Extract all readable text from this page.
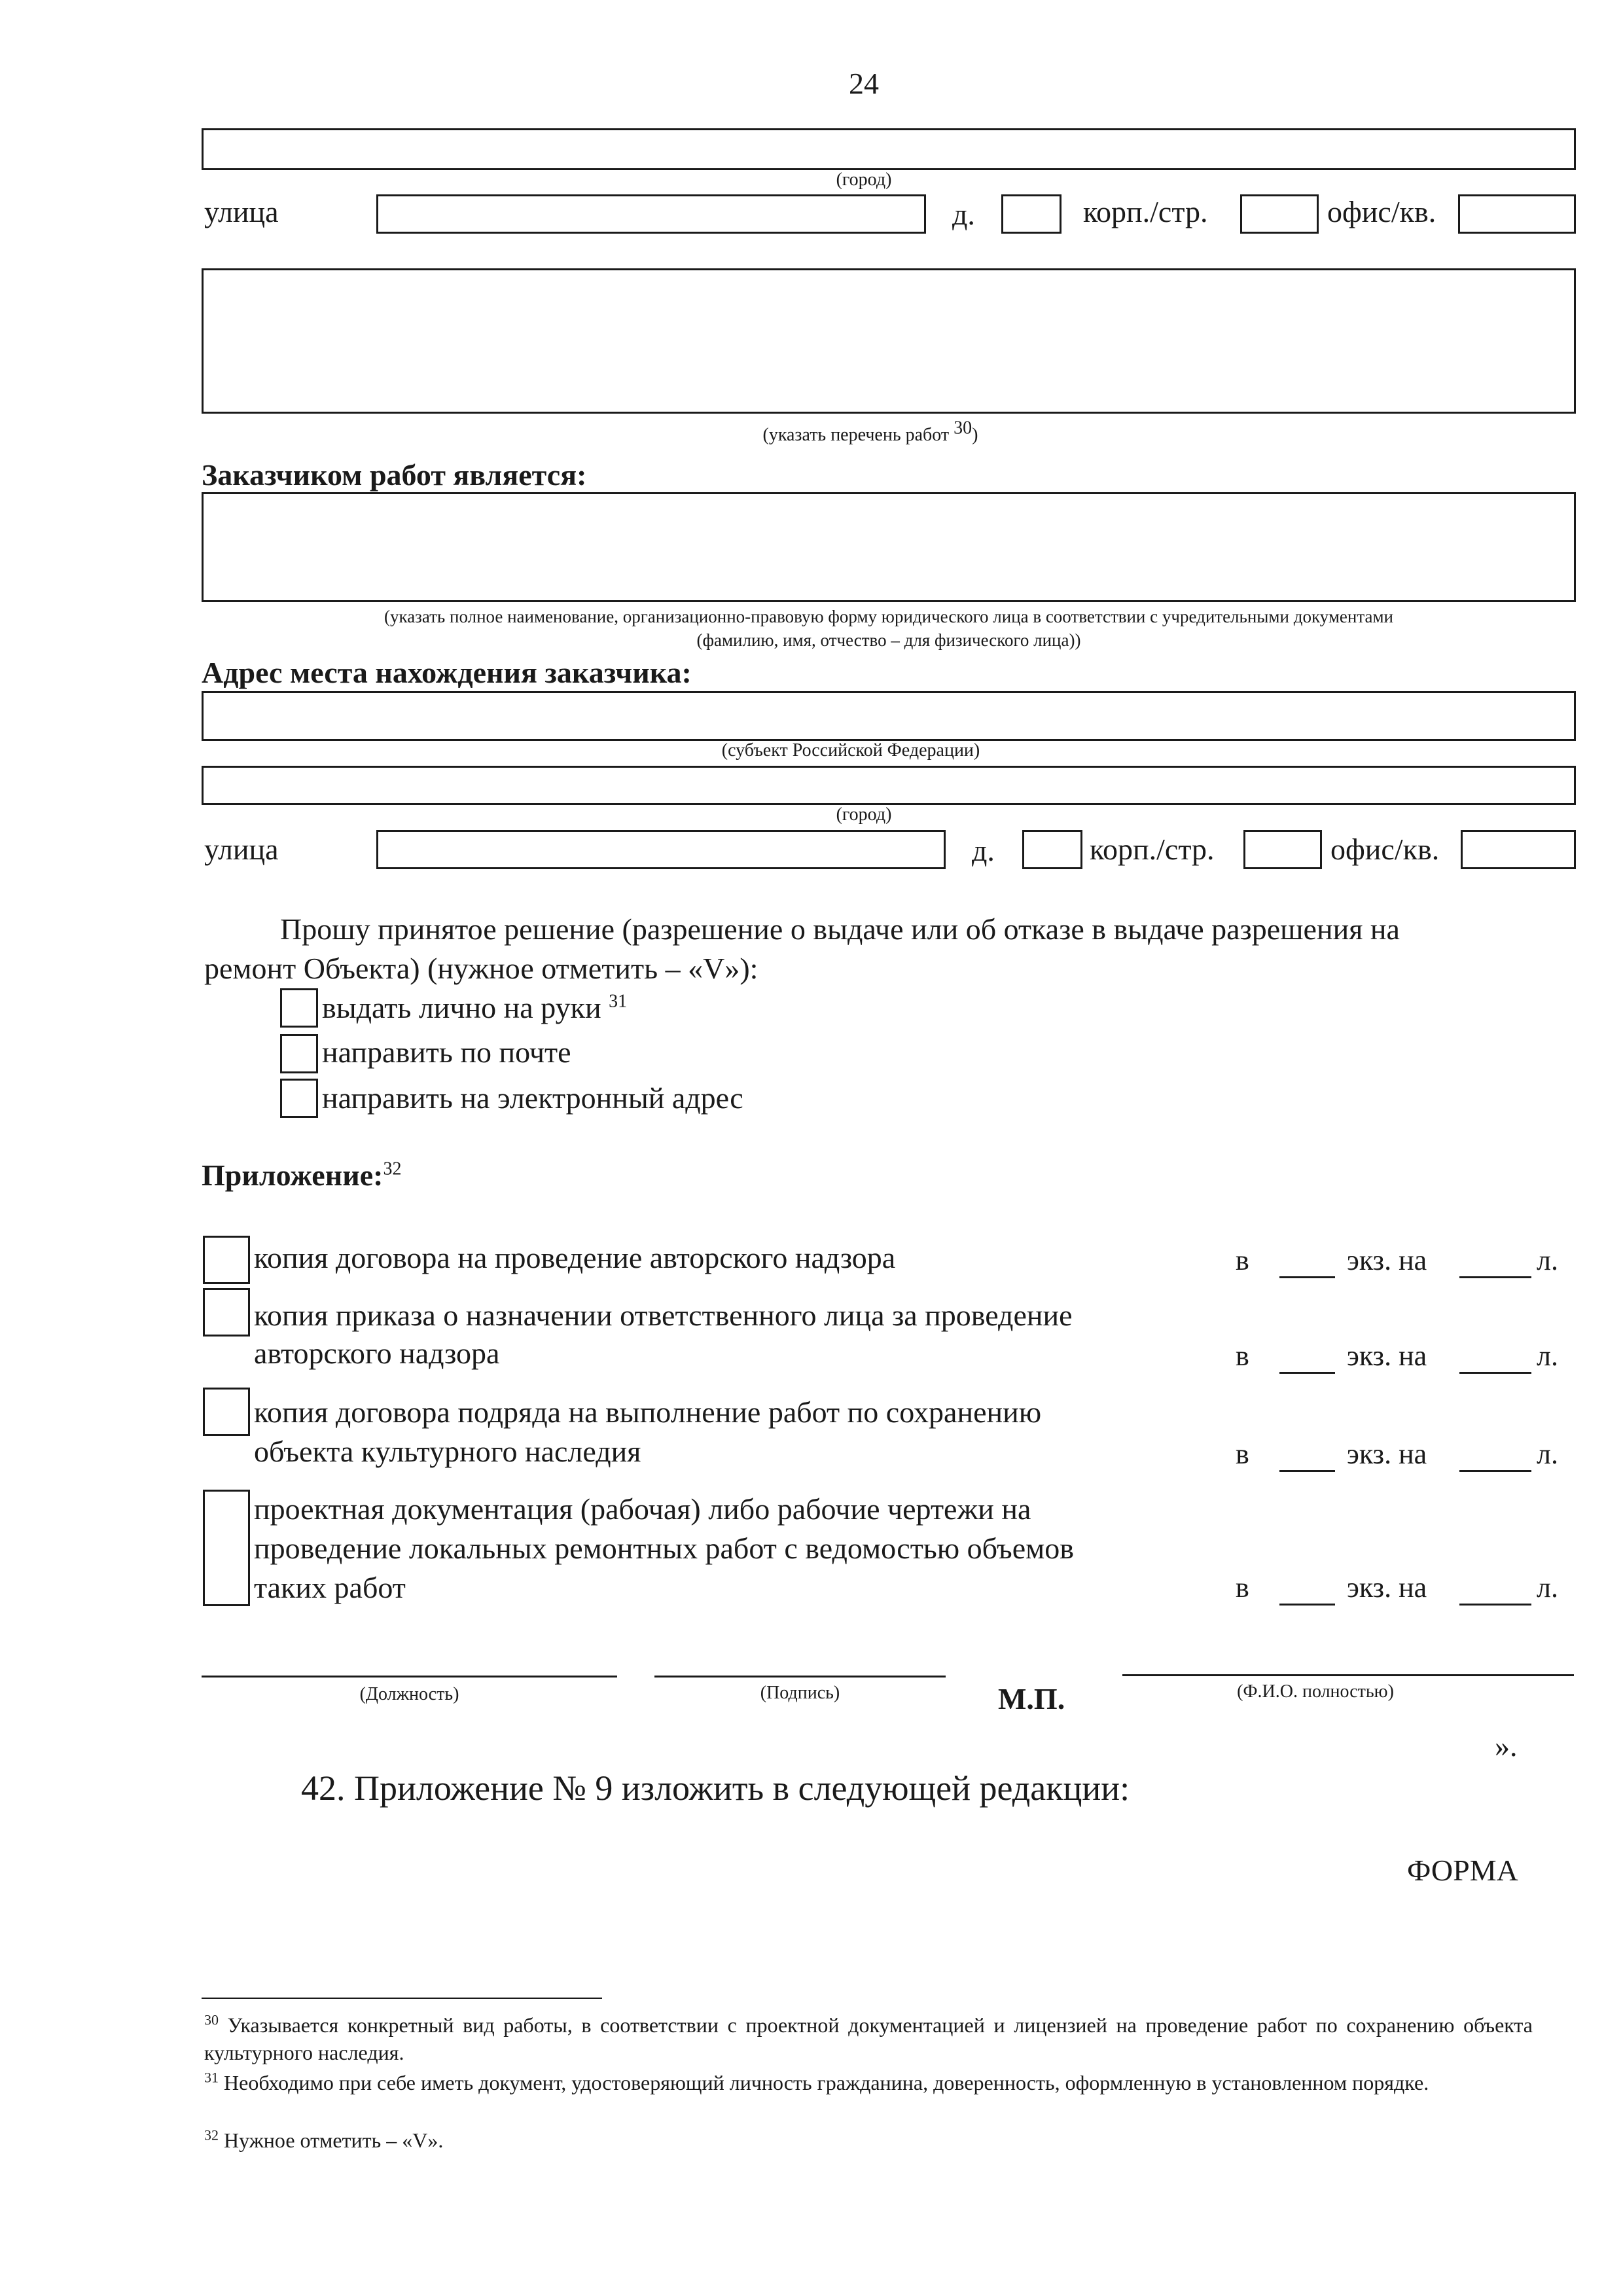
24
(город)
улица	д.	корп./стр.	офис/кв.
(указать перечень работ 30)
Заказчиком работ является:
(указать полное наименование, организационно-правовую форму юридического лица в соответствии с учредительными документами
(фамилию, имя, отчество – для физического лица))
Адрес места нахождения заказчика:
(субъект Российской Федерации)
(город)
улица	д.	корп./стр.	офис/кв.
Прошу принятое решение (разрешение о выдаче или об отказе в выдаче разрешения на
ремонт Объекта) (нужное отметить – «V»):
выдать лично на руки $^{31}$
направить по почте
направить на электронный адрес
Приложение:$^{32}$
копия договора на проведение авторского надзора	в	экз. на	л.
копия приказа о назначении ответственного лица за проведение
авторского надзора	в	экз. на	л.
копия договора подряда на выполнение работ по сохранению
объекта культурного наследия	в	экз. на	л.
проектная документация (рабочая) либо рабочие чертежи на
проведение локальных ремонтных работ с ведомостью объемов
таких работ	в	экз. на	л.
(Должность)	(Подпись)	М.П.	(Ф.И.О. полностью)
».
42. Приложение № 9 изложить в следующей редакции:
ФОРМА
$^{30}$ Указывается конкретный вид работы, в соответствии с проектной документацией и лицензией на проведение работ по сохранению объекта культурного наследия.
$^{31}$ Необходимо при себе иметь документ, удостоверяющий личность гражданина, доверенность, оформленную в установленном порядке.
$^{32}$ Нужное отметить – «V».
